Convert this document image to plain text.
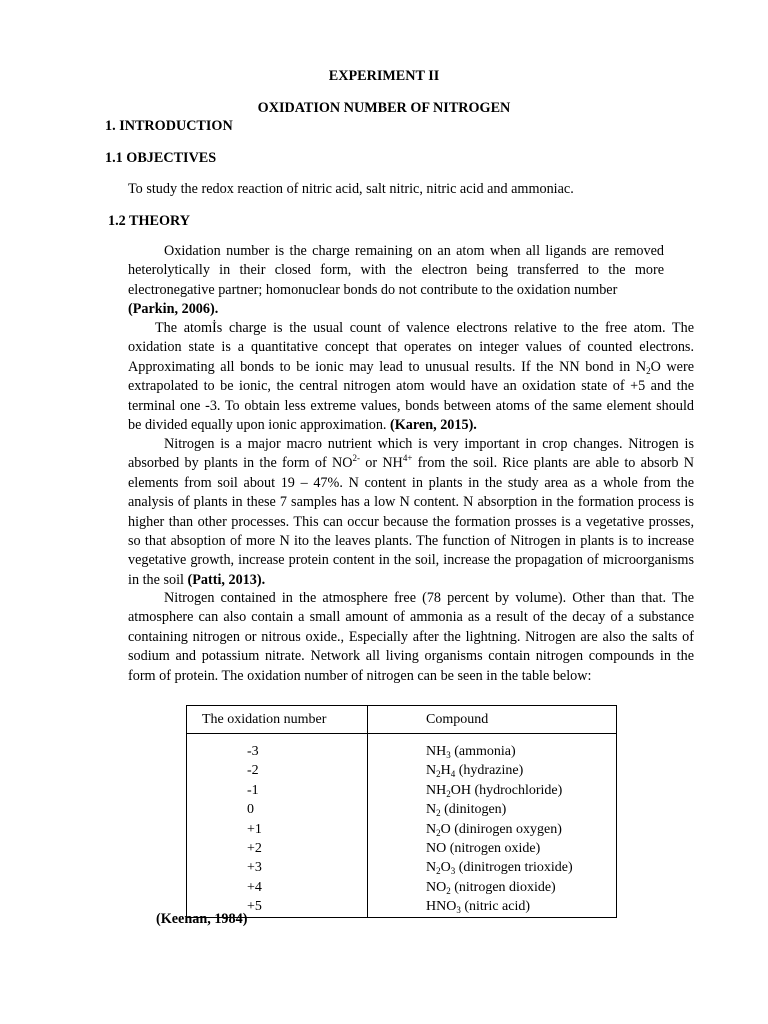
EXPERIMENT II
OXIDATION NUMBER OF NITROGEN
1. INTRODUCTION
1.1 OBJECTIVES
To study the redox reaction of nitric acid, salt nitric, nitric acid and ammoniac.
1.2 THEORY

Oxidation number is the charge remaining on an atom when all ligands are removed heterolytically in their closed form, with the electron being transferred to the more electronegative partner; homonuclear bonds do not contribute to the oxidation number
(Parkin, 2006).

The atomİs charge is the usual count of valence electrons relative to the free atom. The oxidation state is a quantitative concept that operates on integer values of counted electrons. Approximating all bonds to be ionic may lead to unusual results. If the NN bond in $N_2O$ were extrapolated to be ionic, the central nitrogen atom would have an oxidation state of +5 and the terminal one -3. To obtain less extreme values, bonds between atoms of the same element should be divided equally upon ionic approximation. (Karen, 2015).

Nitrogen is a major macro nutrient which is very important in crop changes. Nitrogen is absorbed by plants in the form of $NO^{2-}$ or $NH^{4+}$ from the soil. Rice plants are able to absorb N elements from soil about 19 – 47%. N content in plants in the study area as a whole from the analysis of plants in these 7 samples has a low N content. N absorption in the formation process is higher than other processes. This can occur because the formation prosses is a vegetative prosses, so that absoption of more N ito the leaves plants. The function of Nitrogen in plants is to increase vegetative growth, increase protein content in the soil, increase the propagation of microorganisms in the soil (Patti, 2013).

Nitrogen contained in the atmosphere free (78 percent by volume). Other than that. The atmosphere can also contain a small amount of ammonia as a result of the decay of a substance containing nitrogen or nitrous oxide., Especially after the lightning. Nitrogen are also the salts of sodium and potassium nitrate. Network all living organisms contain nitrogen compounds in the form of protein. The oxidation number of nitrogen can be seen in the table below:

The oxidation number	Compound
-3	$NH_3$ (ammonia)
-2	$N_2H_4$ (hydrazine)
-1	$NH_2OH$ (hydrochloride)
0	$N_2$ (dinitogen)
+1	$N_2O$ (dinirogen oxygen)
+2	NO (nitrogen oxide)
+3	$N_2O_3$ (dinitrogen trioxide)
+4	$NO_2$ (nitrogen dioxide)
+5	$HNO_3$ (nitric acid)
(Keenan, 1984)
